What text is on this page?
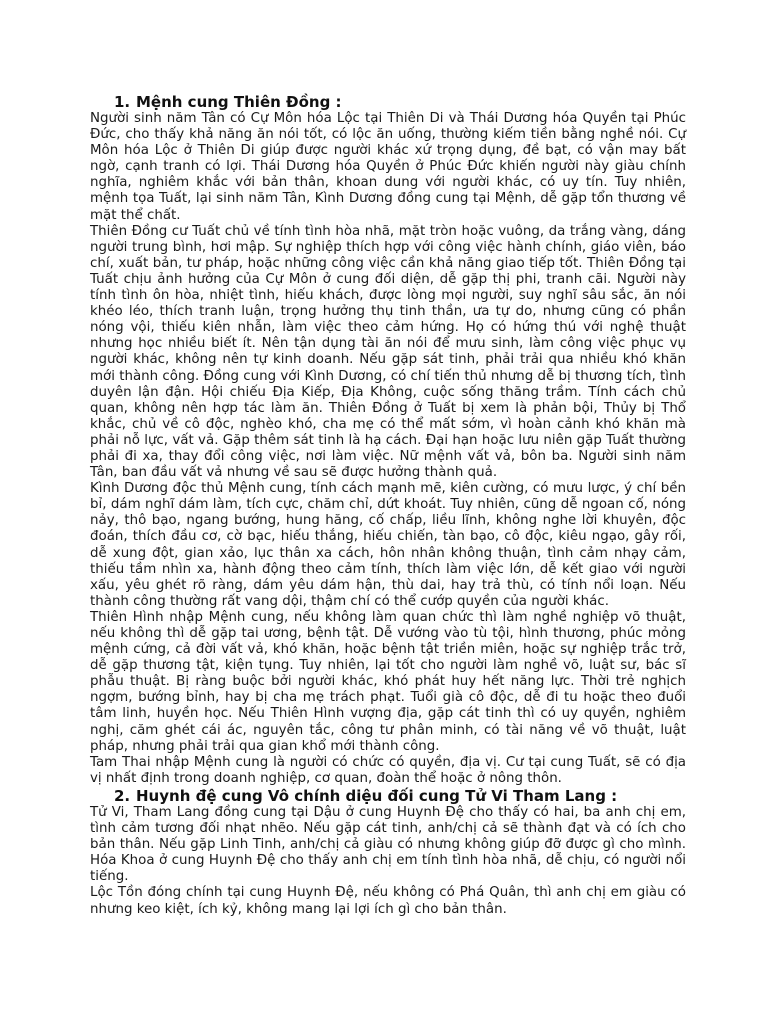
1. Mệnh cung Thiên Đồng :

Người sinh năm Tân có Cự Môn hóa Lộc tại Thiên Di và Thái Dương hóa Quyền tại Phúc Đức, cho thấy khả năng ăn nói tốt, có lộc ăn uống, thường kiếm tiền bằng nghề nói. Cự Môn hóa Lộc ở Thiên Di giúp được người khác xứ trọng dụng, đề bạt, có vận may bất ngờ, cạnh tranh có lợi. Thái Dương hóa Quyền ở Phúc Đức khiến người này giàu chính nghĩa, nghiêm khắc với bản thân, khoan dung với người khác, có uy tín. Tuy nhiên, mệnh tọa Tuất, lại sinh năm Tân, Kình Dương đồng cung tại Mệnh, dễ gặp tổn thương về mặt thể chất.

Thiên Đồng cư Tuất chủ về tính tình hòa nhã, mặt tròn hoặc vuông, da trắng vàng, dáng người trung bình, hơi mập. Sự nghiệp thích hợp với công việc hành chính, giáo viên, báo chí, xuất bản, tư pháp, hoặc những công việc cần khả năng giao tiếp tốt. Thiên Đồng tại Tuất chịu ảnh hưởng của Cự Môn ở cung đối diện, dễ gặp thị phi, tranh cãi. Người này tính tình ôn hòa, nhiệt tình, hiếu khách, được lòng mọi người, suy nghĩ sâu sắc, ăn nói khéo léo, thích tranh luận, trọng hưởng thụ tinh thần, ưa tự do, nhưng cũng có phần nóng vội, thiếu kiên nhẫn, làm việc theo cảm hứng. Họ có hứng thú với nghệ thuật nhưng học nhiều biết ít. Nên tận dụng tài ăn nói để mưu sinh, làm công việc phục vụ người khác, không nên tự kinh doanh. Nếu gặp sát tinh, phải trải qua nhiều khó khăn mới thành công. Đồng cung với Kình Dương, có chí tiến thủ nhưng dễ bị thương tích, tình duyên lận đận. Hội chiếu Địa Kiếp, Địa Không, cuộc sống thăng trầm. Tính cách chủ quan, không nên hợp tác làm ăn. Thiên Đồng ở Tuất bị xem là phản bội, Thủy bị Thổ khắc, chủ về cô độc, nghèo khó, cha mẹ có thể mất sớm, vì hoàn cảnh khó khăn mà phải nỗ lực, vất vả. Gặp thêm sát tinh là hạ cách. Đại hạn hoặc lưu niên gặp Tuất thường phải đi xa, thay đổi công việc, nơi làm việc. Nữ mệnh vất vả, bôn ba. Người sinh năm Tân, ban đầu vất vả nhưng về sau sẽ được hưởng thành quả.

Kình Dương độc thủ Mệnh cung, tính cách mạnh mẽ, kiên cường, có mưu lược, ý chí bền bỉ, dám nghĩ dám làm, tích cực, chăm chỉ, dứt khoát. Tuy nhiên, cũng dễ ngoan cố, nóng nảy, thô bạo, ngang bướng, hung hăng, cố chấp, liều lĩnh, không nghe lời khuyên, độc đoán, thích đầu cơ, cờ bạc, hiếu thắng, hiếu chiến, tàn bạo, cô độc, kiêu ngạo, gây rối, dễ xung đột, gian xảo, lục thân xa cách, hôn nhân không thuận, tình cảm nhạy cảm, thiếu tầm nhìn xa, hành động theo cảm tính, thích làm việc lớn, dễ kết giao với người xấu, yêu ghét rõ ràng, dám yêu dám hận, thù dai, hay trả thù, có tính nổi loạn. Nếu thành công thường rất vang dội, thậm chí có thể cướp quyền của người khác.

Thiên Hình nhập Mệnh cung, nếu không làm quan chức thì làm nghề nghiệp võ thuật, nếu không thì dễ gặp tai ương, bệnh tật. Dễ vướng vào tù tội, hình thương, phúc mỏng mệnh cứng, cả đời vất vả, khó khăn, hoặc bệnh tật triền miên, hoặc sự nghiệp trắc trở, dễ gặp thương tật, kiện tụng. Tuy nhiên, lại tốt cho người làm nghề võ, luật sư, bác sĩ phẫu thuật. Bị ràng buộc bởi người khác, khó phát huy hết năng lực. Thời trẻ nghịch ngợm, bướng bỉnh, hay bị cha mẹ trách phạt. Tuổi già cô độc, dễ đi tu hoặc theo đuổi tâm linh, huyền học. Nếu Thiên Hình vượng địa, gặp cát tinh thì có uy quyền, nghiêm nghị, căm ghét cái ác, nguyên tắc, công tư phân minh, có tài năng về võ thuật, luật pháp, nhưng phải trải qua gian khổ mới thành công.

Tam Thai nhập Mệnh cung là người có chức có quyền, địa vị. Cư tại cung Tuất, sẽ có địa vị nhất định trong doanh nghiệp, cơ quan, đoàn thể hoặc ở nông thôn.

2. Huynh đệ cung Vô chính diệu đối cung Tử Vi Tham Lang :

Tử Vi, Tham Lang đồng cung tại Dậu ở cung Huynh Đệ cho thấy có hai, ba anh chị em, tình cảm tương đối nhạt nhẽo. Nếu gặp cát tinh, anh/chị cả sẽ thành đạt và có ích cho bản thân. Nếu gặp Linh Tinh, anh/chị cả giàu có nhưng không giúp đỡ được gì cho mình. Hóa Khoa ở cung Huynh Đệ cho thấy anh chị em tính tình hòa nhã, dễ chịu, có người nổi tiếng.

Lộc Tồn đóng chính tại cung Huynh Đệ, nếu không có Phá Quân, thì anh chị em giàu có nhưng keo kiệt, ích kỷ, không mang lại lợi ích gì cho bản thân.
